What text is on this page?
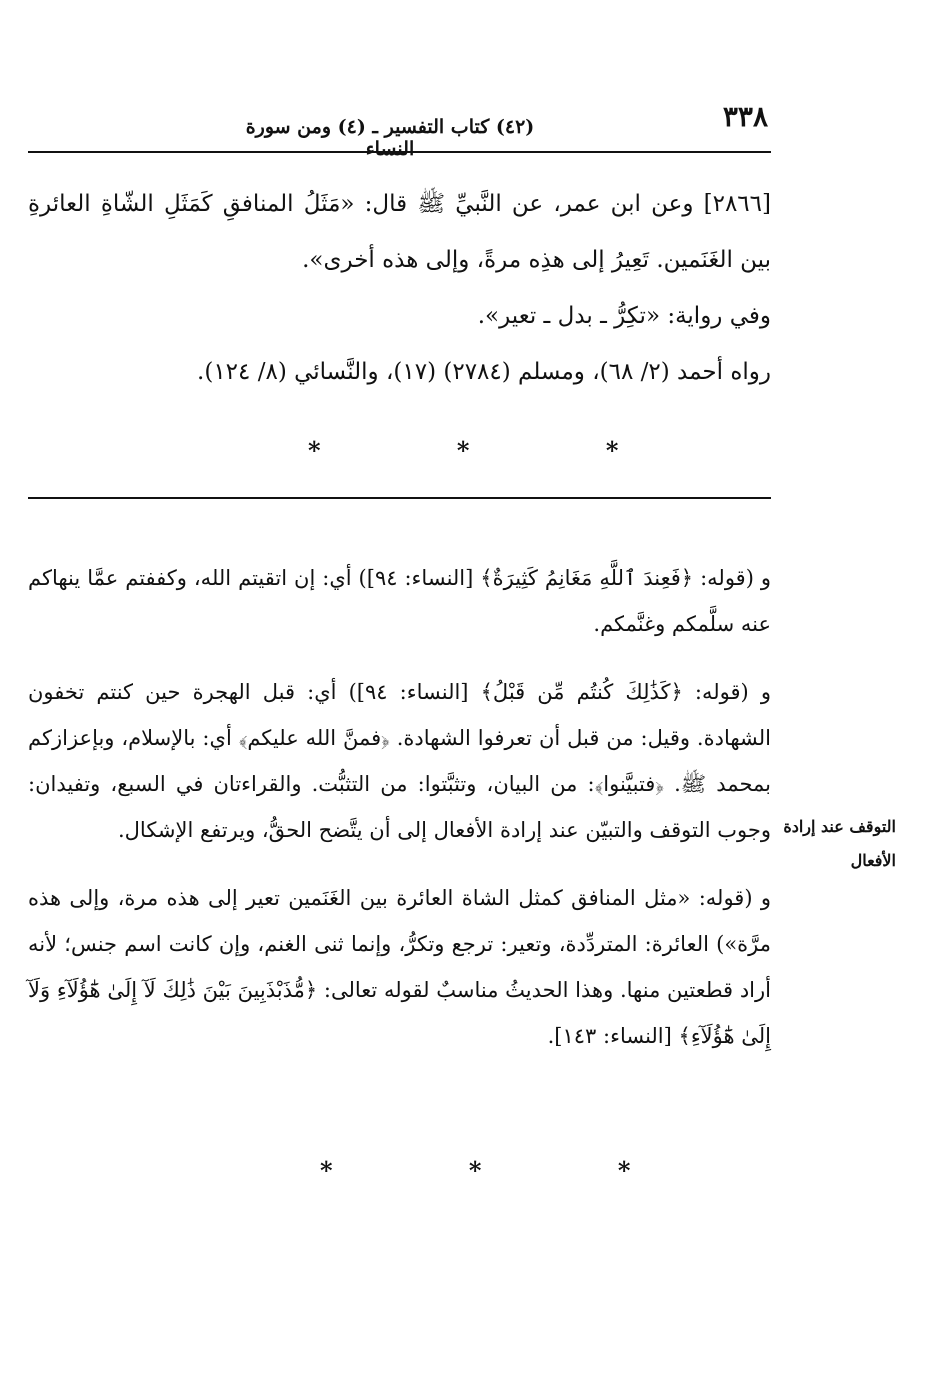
٣٣٨
(٤٢) كتاب التفسير ـ (٤) ومن سورة النساء

[٢٨٦٦] وعن ابن عمر، عن النَّبيِّ ﷺ قال: «مَثَلُ المنافقِ كَمَثَلِ الشّاةِ العائرةِ بين الغَنَمين. تَعِيرُ إلى هذِه مرةً، وإلى هذه أخرى».

وفي رواية: «تكِرُّ ـ بدل ـ تعير».

رواه أحمد (٢/ ٦٨)، ومسلم (٢٧٨٤) (١٧)، والنَّسائي (٨/ ١٢٤).

* * *

و (قوله: ﴿فَعِندَ ٱللَّهِ مَغَانِمُ كَثِيرَةٌ﴾ [النساء: ٩٤]) أي: إن اتقيتم الله، وكففتم عمَّا ينهاكم عنه سلَّمكم وغنَّمكم.

و (قوله: ﴿كَذَٰلِكَ كُنتُم مِّن قَبْلُ﴾ [النساء: ٩٤]) أي: قبل الهجرة حين كنتم تخفون الشهادة. وقيل: من قبل أن تعرفوا الشهادة. ﴿فمنَّ الله عليكم﴾ أي: بالإسلام، وبإعزازكم بمحمد ﷺ. ﴿فتبيَّنوا﴾: من البيان، وتثبَّتوا: من التثبُّت. والقراءتان في السبع، وتفيدان: وجوب التوقف والتبيّن عند إرادة الأفعال إلى أن يتَّضح الحقُّ، ويرتفع الإشكال.

و (قوله: «مثل المنافق كمثل الشاة العائرة بين الغَنَمين تعير إلى هذه مرة، وإلى هذه مرَّة») العائرة: المتردِّدة، وتعير: ترجع وتكرُّ، وإنما ثنى الغنم، وإن كانت اسم جنس؛ لأنه أراد قطعتين منها. وهذا الحديثُ مناسبٌ لقوله تعالى: ﴿مُّذَبْذَبِينَ بَيْنَ ذَٰلِكَ لَآ إِلَىٰ هَٰٓؤُلَآءِ وَلَآ إِلَىٰ هَٰٓؤُلَآءِ﴾ [النساء: ١٤٣].

التوقف عند إرادة الأفعال
* * *
